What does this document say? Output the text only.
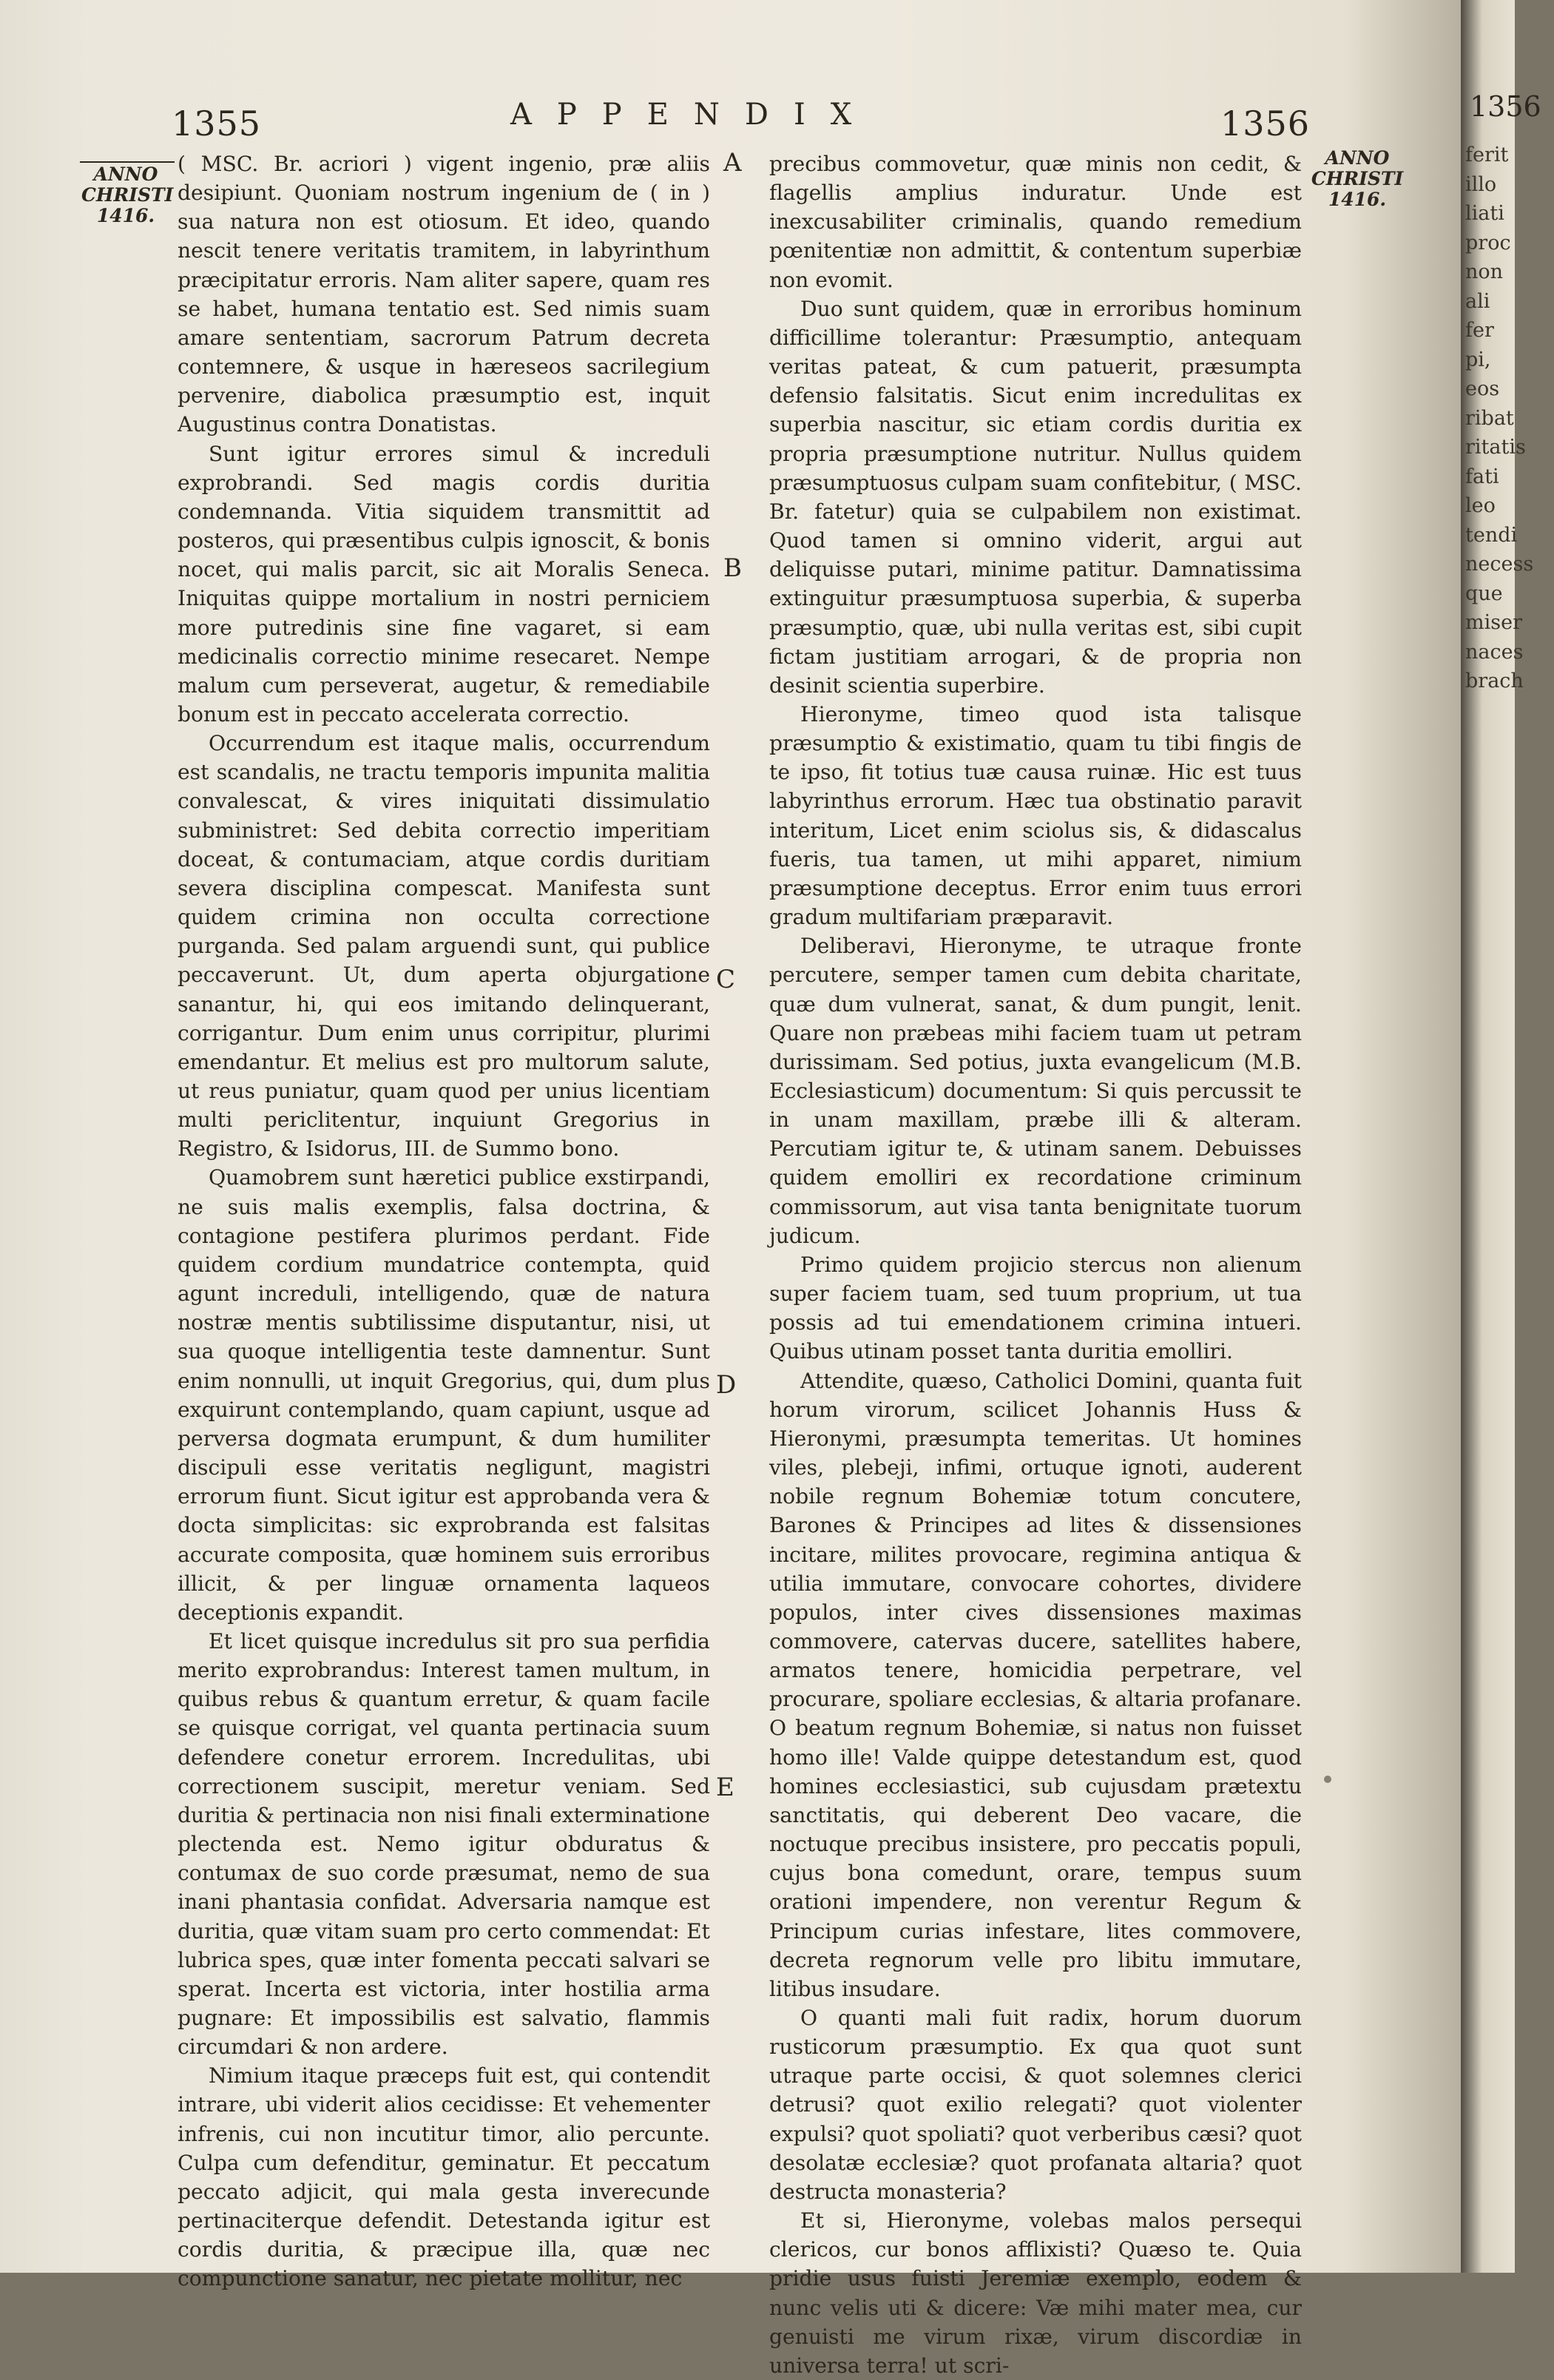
1355	APPENDIX	1356
ANNO
CHRISTI
1416.
ANNO
CHRISTI
1416.
A
B
C
D
E

( MSC. Br. acriori ) vigent ingenio, præ aliis desipiunt. Quoniam nostrum ingenium de ( in ) sua natura non est otiosum. Et ideo, quando nescit tenere veritatis tramitem, in labyrinthum præcipitatur erroris. Nam aliter sapere, quam res se habet, humana tentatio est. Sed nimis suam amare sententiam, sacrorum Patrum decreta contemnere, & usque in hæreseos sacrilegium pervenire, diabolica præsumptio est, inquit Augustinus contra Donatistas.

Sunt igitur errores simul & increduli exprobrandi. Sed magis cordis duritia condemnanda. Vitia siquidem transmittit ad posteros, qui præsentibus culpis ignoscit, & bonis nocet, qui malis parcit, sic ait Moralis Seneca. Iniquitas quippe mortalium in nostri perniciem more putredinis sine fine vagaret, si eam medicinalis correctio minime resecaret. Nempe malum cum perseverat, augetur, & remediabile bonum est in peccato accelerata correctio.

Occurrendum est itaque malis, occurrendum est scandalis, ne tractu temporis impunita malitia convalescat, & vires iniquitati dissimulatio subministret: Sed debita correctio imperitiam doceat, & contumaciam, atque cordis duritiam severa disciplina compescat. Manifesta sunt quidem crimina non occulta correctione purganda. Sed palam arguendi sunt, qui publice peccaverunt. Ut, dum aperta objurgatione sanantur, hi, qui eos imitando delinquerant, corrigantur. Dum enim unus corripitur, plurimi emendantur. Et melius est pro multorum salute, ut reus puniatur, quam quod per unius licentiam multi periclitentur, inquiunt Gregorius in Registro, & Isidorus, III. de Summo bono.

Quamobrem sunt hæretici publice exstirpandi, ne suis malis exemplis, falsa doctrina, & contagione pestifera plurimos perdant. Fide quidem cordium mundatrice contempta, quid agunt increduli, intelligendo, quæ de natura nostræ mentis subtilissime disputantur, nisi, ut sua quoque intelligentia teste damnentur. Sunt enim nonnulli, ut inquit Gregorius, qui, dum plus exquirunt contemplando, quam capiunt, usque ad perversa dogmata erumpunt, & dum humiliter discipuli esse veritatis negligunt, magistri errorum fiunt. Sicut igitur est approbanda vera & docta simplicitas: sic exprobranda est falsitas accurate composita, quæ hominem suis erroribus illicit, & per linguæ ornamenta laqueos deceptionis expandit.

Et licet quisque incredulus sit pro sua perfidia merito exprobrandus: Interest tamen multum, in quibus rebus & quantum erretur, & quam facile se quisque corrigat, vel quanta pertinacia suum defendere conetur errorem. Incredulitas, ubi correctionem suscipit, meretur veniam. Sed duritia & pertinacia non nisi finali exterminatione plectenda est. Nemo igitur obduratus & contumax de suo corde præsumat, nemo de sua inani phantasia confidat. Adversaria namque est duritia, quæ vitam suam pro certo commendat: Et lubrica spes, quæ inter fomenta peccati salvari se sperat. Incerta est victoria, inter hostilia arma pugnare: Et impossibilis est salvatio, flammis circumdari & non ardere.

Nimium itaque præceps fuit est, qui contendit intrare, ubi viderit alios cecidisse: Et vehementer infrenis, cui non incutitur timor, alio percunte. Culpa cum defenditur, geminatur. Et peccatum peccato adjicit, qui mala gesta inverecunde pertinaciterque defendit. Detestanda igitur est cordis duritia, & præcipue illa, quæ nec compunctione sanatur, nec pietate mollitur, nec

precibus commovetur, quæ minis non cedit, & flagellis amplius induratur. Unde est inexcusabiliter criminalis, quando remedium pœnitentiæ non admittit, & contentum superbiæ non evomit.

Duo sunt quidem, quæ in erroribus hominum difficillime tolerantur: Præsumptio, antequam veritas pateat, & cum patuerit, præsumpta defensio falsitatis. Sicut enim incredulitas ex superbia nascitur, sic etiam cordis duritia ex propria præsumptione nutritur. Nullus quidem præsumptuosus culpam suam confitebitur, ( MSC. Br. fatetur) quia se culpabilem non existimat. Quod tamen si omnino viderit, argui aut deliquisse putari, minime patitur. Damnatissima extinguitur præsumptuosa superbia, & superba præsumptio, quæ, ubi nulla veritas est, sibi cupit fictam justitiam arrogari, & de propria non desinit scientia superbire.

Hieronyme, timeo quod ista talisque præsumptio & existimatio, quam tu tibi fingis de te ipso, fit totius tuæ causa ruinæ. Hic est tuus labyrinthus errorum. Hæc tua obstinatio paravit interitum, Licet enim sciolus sis, & didascalus fueris, tua tamen, ut mihi apparet, nimium præsumptione deceptus. Error enim tuus errori gradum multifariam præparavit.

Deliberavi, Hieronyme, te utraque fronte percutere, semper tamen cum debita charitate, quæ dum vulnerat, sanat, & dum pungit, lenit. Quare non præbeas mihi faciem tuam ut petram durissimam. Sed potius, juxta evangelicum (M.B. Ecclesiasticum) documentum: Si quis percussit te in unam maxillam, præbe illi & alteram. Percutiam igitur te, & utinam sanem. Debuisses quidem emolliri ex recordatione criminum commissorum, aut visa tanta benignitate tuorum judicum.

Primo quidem projicio stercus non alienum super faciem tuam, sed tuum proprium, ut tua possis ad tui emendationem crimina intueri. Quibus utinam posset tanta duritia emolliri.

Attendite, quæso, Catholici Domini, quanta fuit horum virorum, scilicet Johannis Huss & Hieronymi, præsumpta temeritas. Ut homines viles, plebeji, infimi, ortuque ignoti, auderent nobile regnum Bohemiæ totum concutere, Barones & Principes ad lites & dissensiones incitare, milites provocare, regimina antiqua & utilia immutare, convocare cohortes, dividere populos, inter cives dissensiones maximas commovere, catervas ducere, satellites habere, armatos tenere, homicidia perpetrare, vel procurare, spoliare ecclesias, & altaria profanare. O beatum regnum Bohemiæ, si natus non fuisset homo ille! Valde quippe detestandum est, quod homines ecclesiastici, sub cujusdam prætextu sanctitatis, qui deberent Deo vacare, die noctuque precibus insistere, pro peccatis populi, cujus bona comedunt, orare, tempus suum orationi impendere, non verentur Regum & Principum curias infestare, lites commovere, decreta regnorum velle pro libitu immutare, litibus insudare.

O quanti mali fuit radix, horum duorum rusticorum præsumptio. Ex qua quot sunt utraque parte occisi, & quot solemnes clerici detrusi? quot exilio relegati? quot violenter expulsi? quot spoliati? quot verberibus cæsi? quot desolatæ ecclesiæ? quot profanata altaria? quot destructa monasteria?

Et si, Hieronyme, volebas malos persequi clericos, cur bonos afflixisti? Quæso te. Quia pridie usus fuisti Jeremiæ exemplo, eodem & nunc velis uti & dicere: Væ mihi mater mea, cur genuisti me virum rixæ, virum discordiæ in universa terra! ut scri-

1356
ferit
illo
liati
proc
non
ali
fer
pi,
eos
ribat
ritatis
fati
leo
tendi
necess
que
miser
naces
brach
